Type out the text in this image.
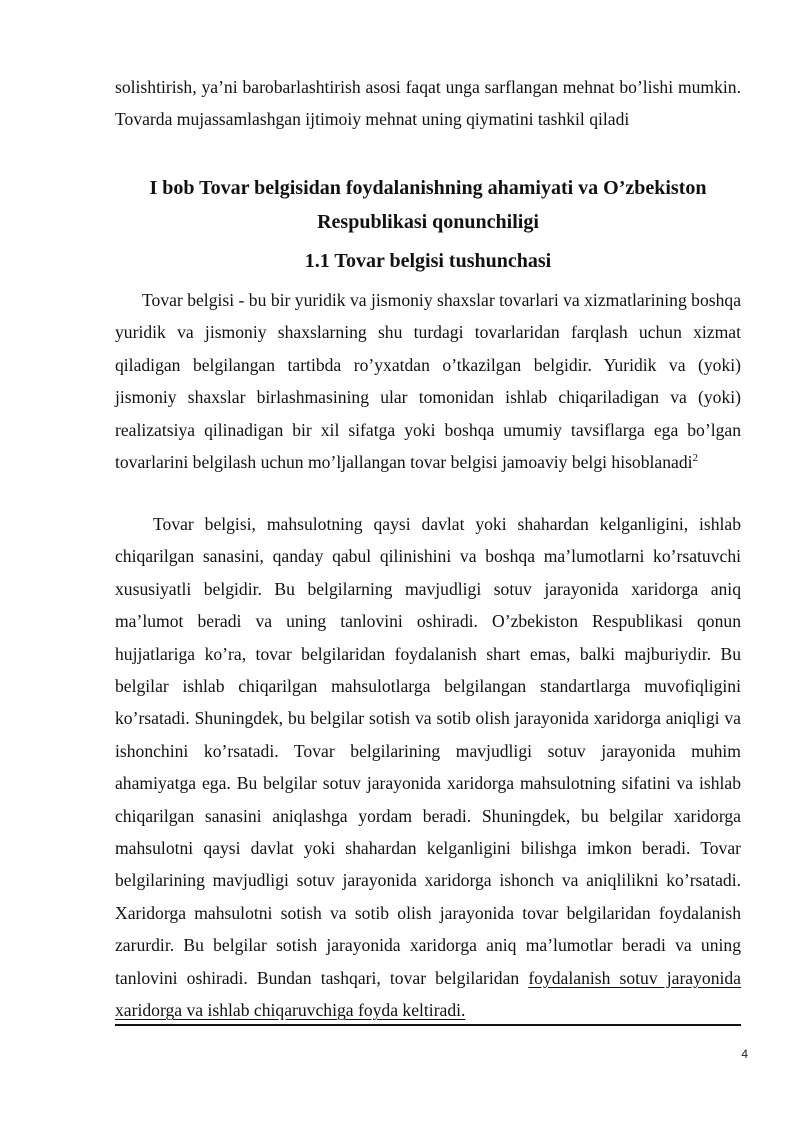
solishtirish, ya’ni barobarlashtirish asosi faqat unga sarflangan mehnat bo’lishi mumkin. Tovarda mujassamlashgan ijtimoiy mehnat uning qiymatini tashkil qiladi

I bob Tovar belgisidan foydalanishning ahamiyati va O’zbekiston
Respublikasi qonunchiligi
1.1 Tovar belgisi tushunchasi

Tovar belgisi - bu bir yuridik va jismoniy shaxslar tovarlari va xizmatlarining boshqa yuridik va jismoniy shaxslarning shu turdagi tovarlaridan farqlash uchun xizmat qiladigan belgilangan tartibda ro’yxatdan o’tkazilgan belgidir. Yuridik va (yoki) jismoniy shaxslar birlashmasining ular tomonidan ishlab chiqariladigan va (yoki) realizatsiya qilinadigan bir xil sifatga yoki boshqa umumiy tavsiflarga ega bo’lgan tovarlarini belgilash uchun mo’ljallangan tovar belgisi jamoaviy belgi hisoblanadi$^2$

Tovar belgisi, mahsulotning qaysi davlat yoki shahardan kelganligini, ishlab chiqarilgan sanasini, qanday qabul qilinishini va boshqa ma’lumotlarni ko’rsatuvchi xususiyatli belgidir. Bu belgilarning mavjudligi sotuv jarayonida xaridorga aniq ma’lumot beradi va uning tanlovini oshiradi. O’zbekiston Respublikasi qonun hujjatlariga ko’ra, tovar belgilaridan foydalanish shart emas, balki majburiydir. Bu belgilar ishlab chiqarilgan mahsulotlarga belgilangan standartlarga muvofiqligini ko’rsatadi. Shuningdek, bu belgilar sotish va sotib olish jarayonida xaridorga aniqligi va ishonchini ko’rsatadi. Tovar belgilarining mavjudligi sotuv jarayonida muhim ahamiyatga ega. Bu belgilar sotuv jarayonida xaridorga mahsulotning sifatini va ishlab chiqarilgan sanasini aniqlashga yordam beradi. Shuningdek, bu belgilar xaridorga mahsulotni qaysi davlat yoki shahardan kelganligini bilishga imkon beradi. Tovar belgilarining mavjudligi sotuv jarayonida xaridorga ishonch va aniqlilikni ko’rsatadi. Xaridorga mahsulotni sotish va sotib olish jarayonida tovar belgilaridan foydalanish zarurdir. Bu belgilar sotish jarayonida xaridorga aniq ma’lumotlar beradi va uning tanlovini oshiradi. Bundan tashqari, tovar belgilaridan foydalanish sotuv jarayonida xaridorga va ishlab chiqaruvchiga foyda keltiradi.

4
